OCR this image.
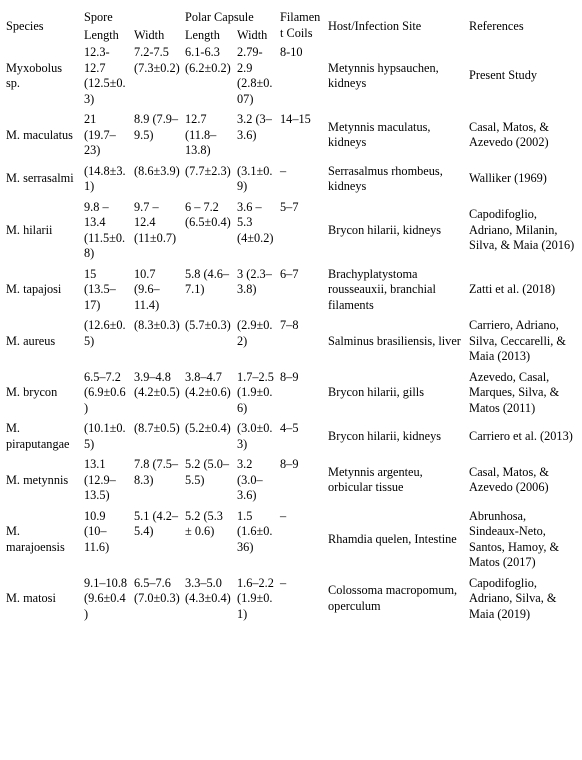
Species	Spore		Polar Capsule		Filament Coils	Host/Infection Site	References
	Length	Width	Length	Width			
Myxobolus sp.	12.3-12.7 (12.5±0.3)	7.2-7.5 (7.3±0.2)	6.1-6.3 (6.2±0.2)	2.79-2.9 (2.8±0.07)	8-10	Metynnis hypsauchen, kidneys	Present Study
M. maculatus	21 (19.7–23)	8.9 (7.9–9.5)	12.7 (11.8–13.8)	3.2 (3–3.6)	14–15	Metynnis maculatus, kidneys	Casal, Matos, & Azevedo (2002)
M. serrasalmi	(14.8±3.1)	(8.6±3.9)	(7.7±2.3)	(3.1±0.9)	–	Serrasalmus rhombeus, kidneys	Walliker (1969)
M. hilarii	9.8 – 13.4 (11.5±0.8)	9.7 – 12.4 (11±0.7)	6 – 7.2 (6.5±0.4)	3.6 – 5.3 (4±0.2)	5–7	Brycon hilarii, kidneys	Capodifoglio, Adriano, Milanin, Silva, & Maia (2016)
M. tapajosi	15 (13.5–17)	10.7 (9.6–11.4)	5.8 (4.6–7.1)	3 (2.3–3.8)	6–7	Brachyplatystoma rousseauxii, branchial filaments	Zatti et al. (2018)
M. aureus	(12.6±0.5)	(8.3±0.3)	(5.7±0.3)	(2.9±0.2)	7–8	Salminus brasiliensis, liver	Carriero, Adriano, Silva, Ceccarelli, & Maia (2013)
M. brycon	6.5–7.2 (6.9±0.6)	3.9–4.8 (4.2±0.5)	3.8–4.7 (4.2±0.6)	1.7–2.5 (1.9±0.6)	8–9	Brycon hilarii, gills	Azevedo, Casal, Marques, Silva, & Matos (2011)
M. piraputangae	(10.1±0.5)	(8.7±0.5)	(5.2±0.4)	(3.0±0.3)	4–5	Brycon hilarii, kidneys	Carriero et al. (2013)
M. metynnis	13.1 (12.9–13.5)	7.8 (7.5–8.3)	5.2 (5.0–5.5)	3.2 (3.0–3.6)	8–9	Metynnis argenteu, orbicular tissue	Casal, Matos, & Azevedo (2006)
M. marajoensis	10.9 (10–11.6)	5.1 (4.2–5.4)	5.2 (5.3 ± 0.6)	1.5 (1.6±0.36)	–	Rhamdia quelen, Intestine	Abrunhosa, Sindeaux-Neto, Santos, Hamoy, & Matos (2017)
M. matosi	9.1–10.8 (9.6±0.4)	6.5–7.6 (7.0±0.3)	3.3–5.0 (4.3±0.4)	1.6–2.2 (1.9±0.1)	–	Colossoma macropomum, operculum	Capodifoglio, Adriano, Silva, & Maia (2019)
